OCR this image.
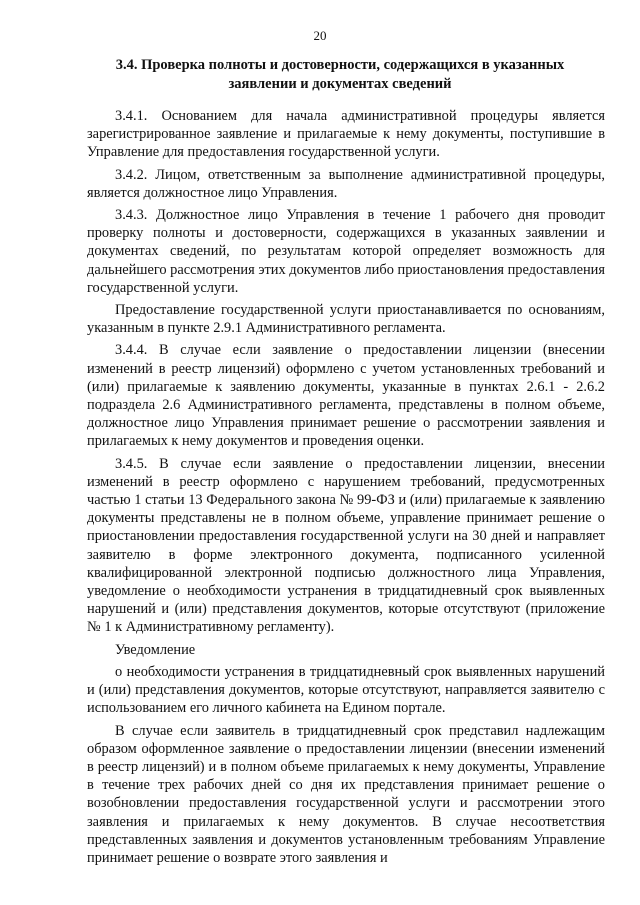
20
3.4. Проверка полноты и достоверности, содержащихся в указанных заявлении и документах сведений

3.4.1. Основанием для начала административной процедуры является зарегистрированное заявление и прилагаемые к нему документы, поступившие в Управление для предоставления государственной услуги.

3.4.2. Лицом, ответственным за выполнение административной процедуры, является должностное лицо Управления.

3.4.3. Должностное лицо Управления в течение 1 рабочего дня проводит проверку полноты и достоверности, содержащихся в указанных заявлении и документах сведений, по результатам которой определяет возможность для дальнейшего рассмотрения этих документов либо приостановления предоставления государственной услуги.

Предоставление государственной услуги приостанавливается по основаниям, указанным в пункте 2.9.1 Административного регламента.

3.4.4. В случае если заявление о предоставлении лицензии (внесении изменений в реестр лицензий) оформлено с учетом установленных требований и (или) прилагаемые к заявлению документы, указанные в пунктах 2.6.1 - 2.6.2 подраздела 2.6 Административного регламента, представлены в полном объеме, должностное лицо Управления принимает решение о рассмотрении заявления и прилагаемых к нему документов и проведения оценки.

3.4.5. В случае если заявление о предоставлении лицензии, внесении изменений в реестр оформлено с нарушением требований, предусмотренных частью 1 статьи 13 Федерального закона № 99-ФЗ и (или) прилагаемые к заявлению документы представлены не в полном объеме, управление принимает решение о приостановлении предоставления государственной услуги на 30 дней и направляет заявителю в форме электронного документа, подписанного усиленной квалифицированной электронной подписью должностного лица Управления, уведомление о необходимости устранения в тридцатидневный срок выявленных нарушений и (или) представления документов, которые отсутствуют (приложение № 1 к Административному регламенту).

Уведомление

о необходимости устранения в тридцатидневный срок выявленных нарушений и (или) представления документов, которые отсутствуют, направляется заявителю с использованием его личного кабинета на Едином портале.

В случае если заявитель в тридцатидневный срок представил надлежащим образом оформленное заявление о предоставлении лицензии (внесении изменений в реестр лицензий) и в полном объеме прилагаемых к нему документы, Управление в течение трех рабочих дней со дня их представления принимает решение о возобновлении предоставления государственной услуги и рассмотрении этого заявления и прилагаемых к нему документов. В случае несоответствия представленных заявления и документов установленным требованиям Управление принимает решение о возврате этого заявления и
